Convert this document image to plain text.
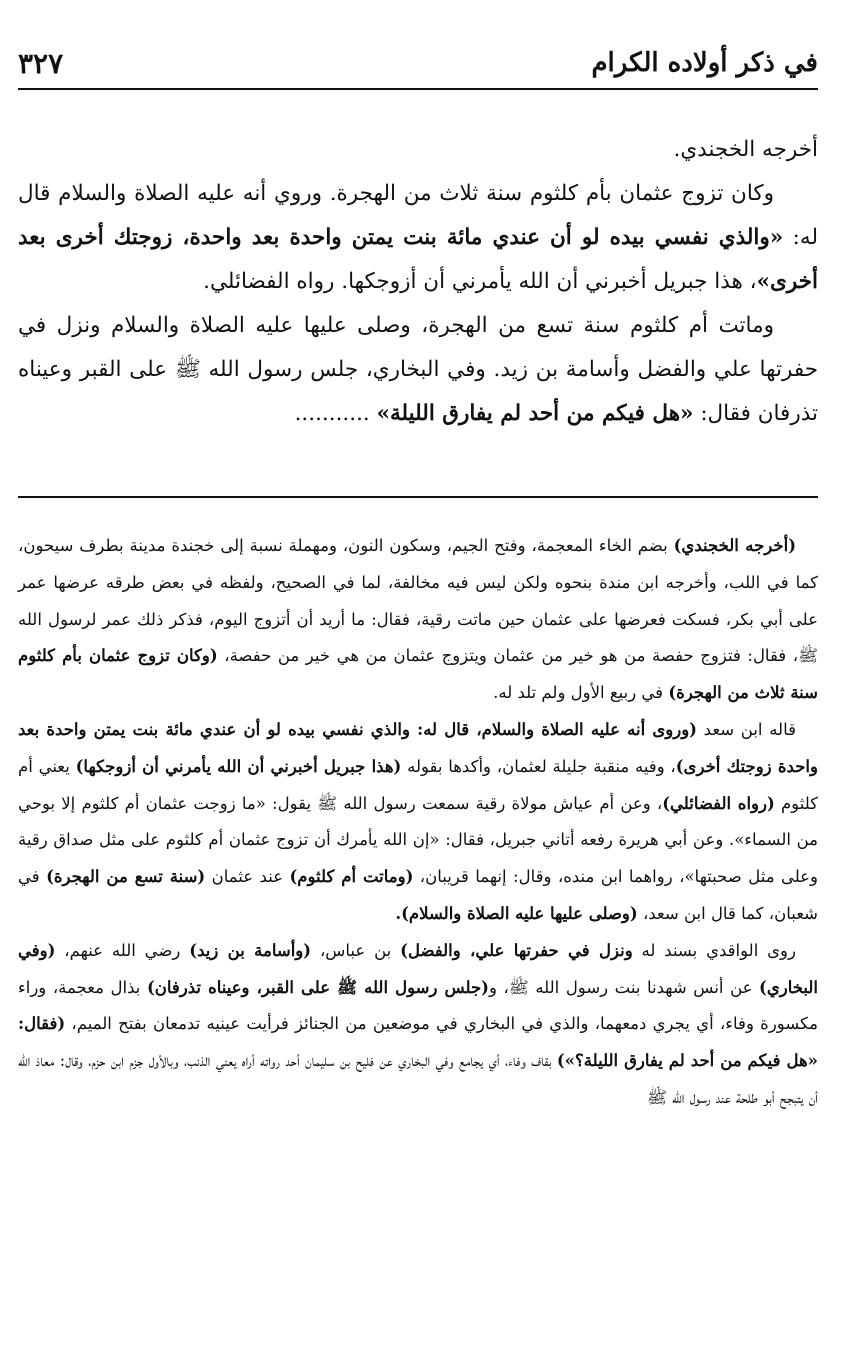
في ذكر أولاده الكرام
٣٢٧

أخرجه الخجندي.

وكان تزوج عثمان بأم كلثوم سنة ثلاث من الهجرة. وروي أنه عليه الصلاة والسلام قال له: «والذي نفسي بيده لو أن عندي مائة بنت يمتن واحدة بعد واحدة، زوجتك أخرى بعد أخرى»، هذا جبريل أخبرني أن الله يأمرني أن أزوجكها. رواه الفضائلي.

وماتت أم كلثوم سنة تسع من الهجرة، وصلى عليها عليه الصلاة والسلام ونزل في حفرتها علي والفضل وأسامة بن زيد. وفي البخاري، جلس رسول الله ﷺ على القبر وعيناه تذرفان فقال: «هل فيكم من أحد لم يفارق الليلة» ...........

(أخرجه الخجندي) بضم الخاء المعجمة، وفتح الجيم، وسكون النون، ومهملة نسبة إلى خجندة مدينة بطرف سيحون، كما في اللب، وأخرجه ابن مندة بنحوه ولكن ليس فيه مخالفة، لما في الصحيح، ولفظه في بعض طرقه عرضها عمر على أبي بكر، فسكت فعرضها على عثمان حين ماتت رقية، فقال: ما أريد أن أتزوج اليوم، فذكر ذلك عمر لرسول الله ﷺ، فقال: فتزوج حفصة من هو خير من عثمان ويتزوج عثمان من هي خير من حفصة، (وكان تزوج عثمان بأم كلثوم سنة ثلاث من الهجرة) في ربيع الأول ولم تلد له.

قاله ابن سعد (وروى أنه عليه الصلاة والسلام، قال له: والذي نفسي بيده لو أن عندي مائة بنت يمتن واحدة بعد واحدة زوجتك أخرى)، وفيه منقبة جليلة لعثمان، وأكدها بقوله (هذا جبريل أخبرني أن الله يأمرني أن أزوجكها) يعني أم كلثوم (رواه الفضائلي)، وعن أم عياش مولاة رقية سمعت رسول الله ﷺ يقول: «ما زوجت عثمان أم كلثوم إلا بوحي من السماء». وعن أبي هريرة رفعه أتاني جبريل، فقال: «إن الله يأمرك أن تزوج عثمان أم كلثوم على مثل صداق رقية وعلى مثل صحبتها»، رواهما ابن منده، وقال: إنهما قريبان، (وماتت أم كلثوم) عند عثمان (سنة تسع من الهجرة) في شعبان، كما قال ابن سعد، (وصلى عليها عليه الصلاة والسلام).

روى الواقدي بسند له ونزل في حفرتها علي، والفضل) بن عباس، (وأسامة بن زيد) رضي الله عنهم، (وفي البخاري) عن أنس شهدنا بنت رسول الله ﷺ، و(جلس رسول الله ﷺ على القبر، وعيناه تذرفان) بذال معجمة، وراء مكسورة وفاء، أي يجري دمعهما، والذي في البخاري في موضعين من الجنائز فرأيت عينيه تدمعان بفتح الميم، (فقال: «هل فيكم من أحد لم يفارق الليلة؟») بقاف وفاء، أي يجامع وفي البخاري عن فليح بن سليمان أحد رواته أراه يعني الذنب، وبالأول جزم ابن حزم، وقال: معاذ الله أن يتبجح أبو طلحة عند رسول الله ﷺ
